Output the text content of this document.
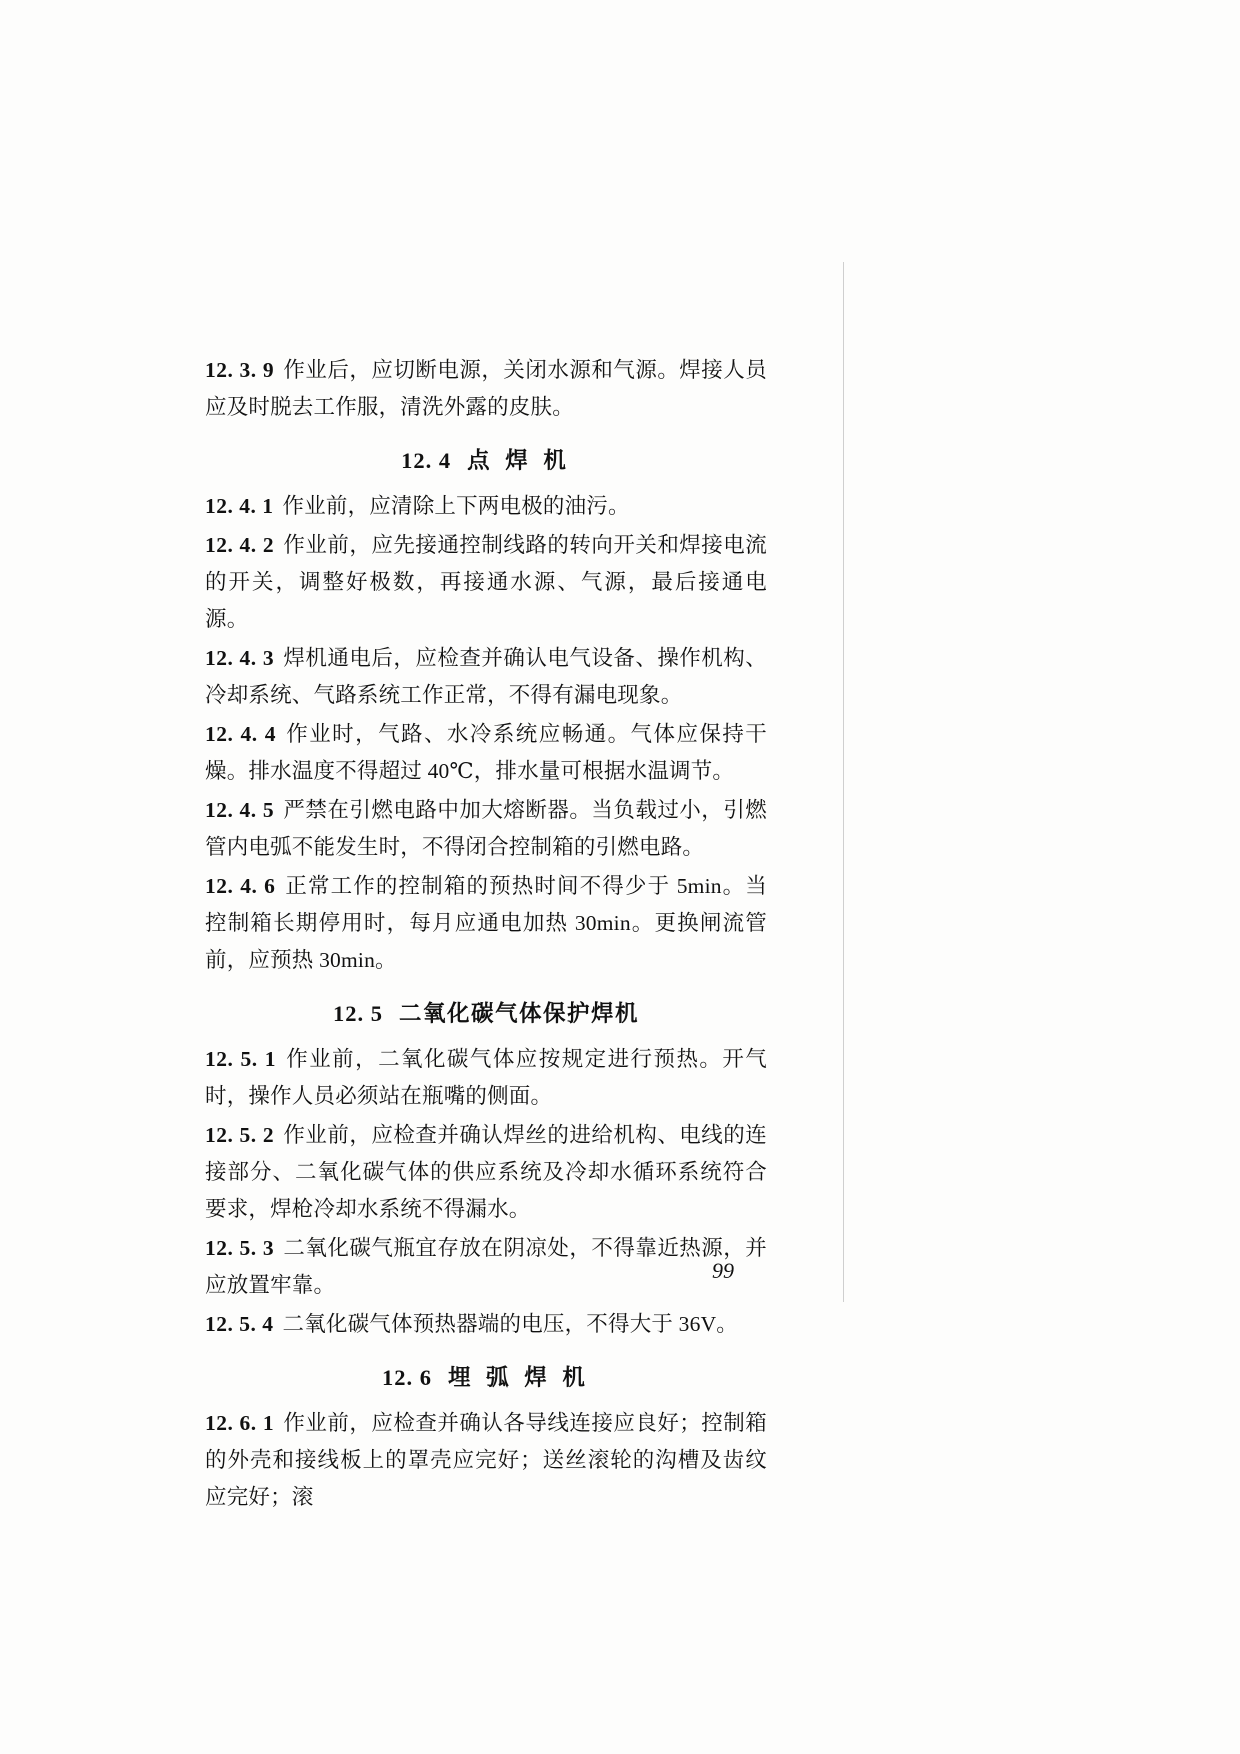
12. 3. 9 作业后，应切断电源，关闭水源和气源。焊接人员应及时脱去工作服，清洗外露的皮肤。

12. 4 点 焊 机

12. 4. 1 作业前，应清除上下两电极的油污。

12. 4. 2 作业前，应先接通控制线路的转向开关和焊接电流的开关，调整好极数，再接通水源、气源，最后接通电源。

12. 4. 3 焊机通电后，应检查并确认电气设备、操作机构、冷却系统、气路系统工作正常，不得有漏电现象。

12. 4. 4 作业时，气路、水冷系统应畅通。气体应保持干燥。排水温度不得超过 40℃，排水量可根据水温调节。

12. 4. 5 严禁在引燃电路中加大熔断器。当负载过小，引燃管内电弧不能发生时，不得闭合控制箱的引燃电路。

12. 4. 6 正常工作的控制箱的预热时间不得少于 5min。当控制箱长期停用时，每月应通电加热 30min。更换闸流管前，应预热 30min。

12. 5 二氧化碳气体保护焊机

12. 5. 1 作业前，二氧化碳气体应按规定进行预热。开气时，操作人员必须站在瓶嘴的侧面。

12. 5. 2 作业前，应检查并确认焊丝的进给机构、电线的连接部分、二氧化碳气体的供应系统及冷却水循环系统符合要求，焊枪冷却水系统不得漏水。

12. 5. 3 二氧化碳气瓶宜存放在阴凉处，不得靠近热源，并应放置牢靠。

12. 5. 4 二氧化碳气体预热器端的电压，不得大于 36V。

12. 6 埋 弧 焊 机

12. 6. 1 作业前，应检查并确认各导线连接应良好；控制箱的外壳和接线板上的罩壳应完好；送丝滚轮的沟槽及齿纹应完好；滚

99
